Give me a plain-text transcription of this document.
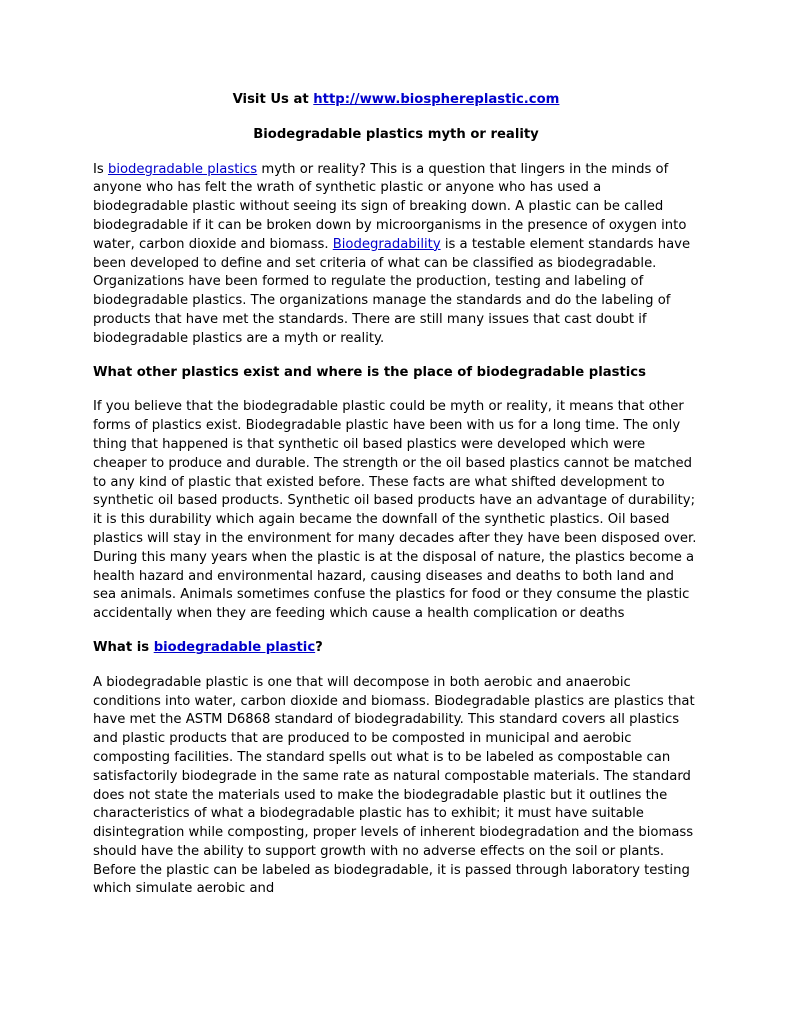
Visit Us at http://www.biosphereplastic.com

Biodegradable plastics myth or reality

Is biodegradable plastics myth or reality? This is a question that lingers in the minds of anyone who has felt the wrath of synthetic plastic or anyone who has used a biodegradable plastic without seeing its sign of breaking down. A plastic can be called biodegradable if it can be broken down by microorganisms in the presence of oxygen into water, carbon dioxide and biomass. Biodegradability is a testable element standards have been developed to define and set criteria of what can be classified as biodegradable. Organizations have been formed to regulate the production, testing and labeling of biodegradable plastics. The organizations manage the standards and do the labeling of products that have met the standards. There are still many issues that cast doubt if biodegradable plastics are a myth or reality.

What other plastics exist and where is the place of biodegradable plastics

If you believe that the biodegradable plastic could be myth or reality, it means that other forms of plastics exist. Biodegradable plastic have been with us for a long time. The only thing that happened is that synthetic oil based plastics were developed which were cheaper to produce and durable. The strength or the oil based plastics cannot be matched to any kind of plastic that existed before. These facts are what shifted development to synthetic oil based products. Synthetic oil based products have an advantage of durability; it is this durability which again became the downfall of the synthetic plastics. Oil based plastics will stay in the environment for many decades after they have been disposed over. During this many years when the plastic is at the disposal of nature, the plastics become a health hazard and environmental hazard, causing diseases and deaths to both land and sea animals. Animals sometimes confuse the plastics for food or they consume the plastic accidentally when they are feeding which cause a health complication or deaths

What is biodegradable plastic?

A biodegradable plastic is one that will decompose in both aerobic and anaerobic conditions into water, carbon dioxide and biomass. Biodegradable plastics are plastics that have met the ASTM D6868 standard of biodegradability. This standard covers all plastics and plastic products that are produced to be composted in municipal and aerobic composting facilities. The standard spells out what is to be labeled as compostable can satisfactorily biodegrade in the same rate as natural compostable materials. The standard does not state the materials used to make the biodegradable plastic but it outlines the characteristics of what a biodegradable plastic has to exhibit; it must have suitable disintegration while composting, proper levels of inherent biodegradation and the biomass should have the ability to support growth with no adverse effects on the soil or plants. Before the plastic can be labeled as biodegradable, it is passed through laboratory testing which simulate aerobic and
